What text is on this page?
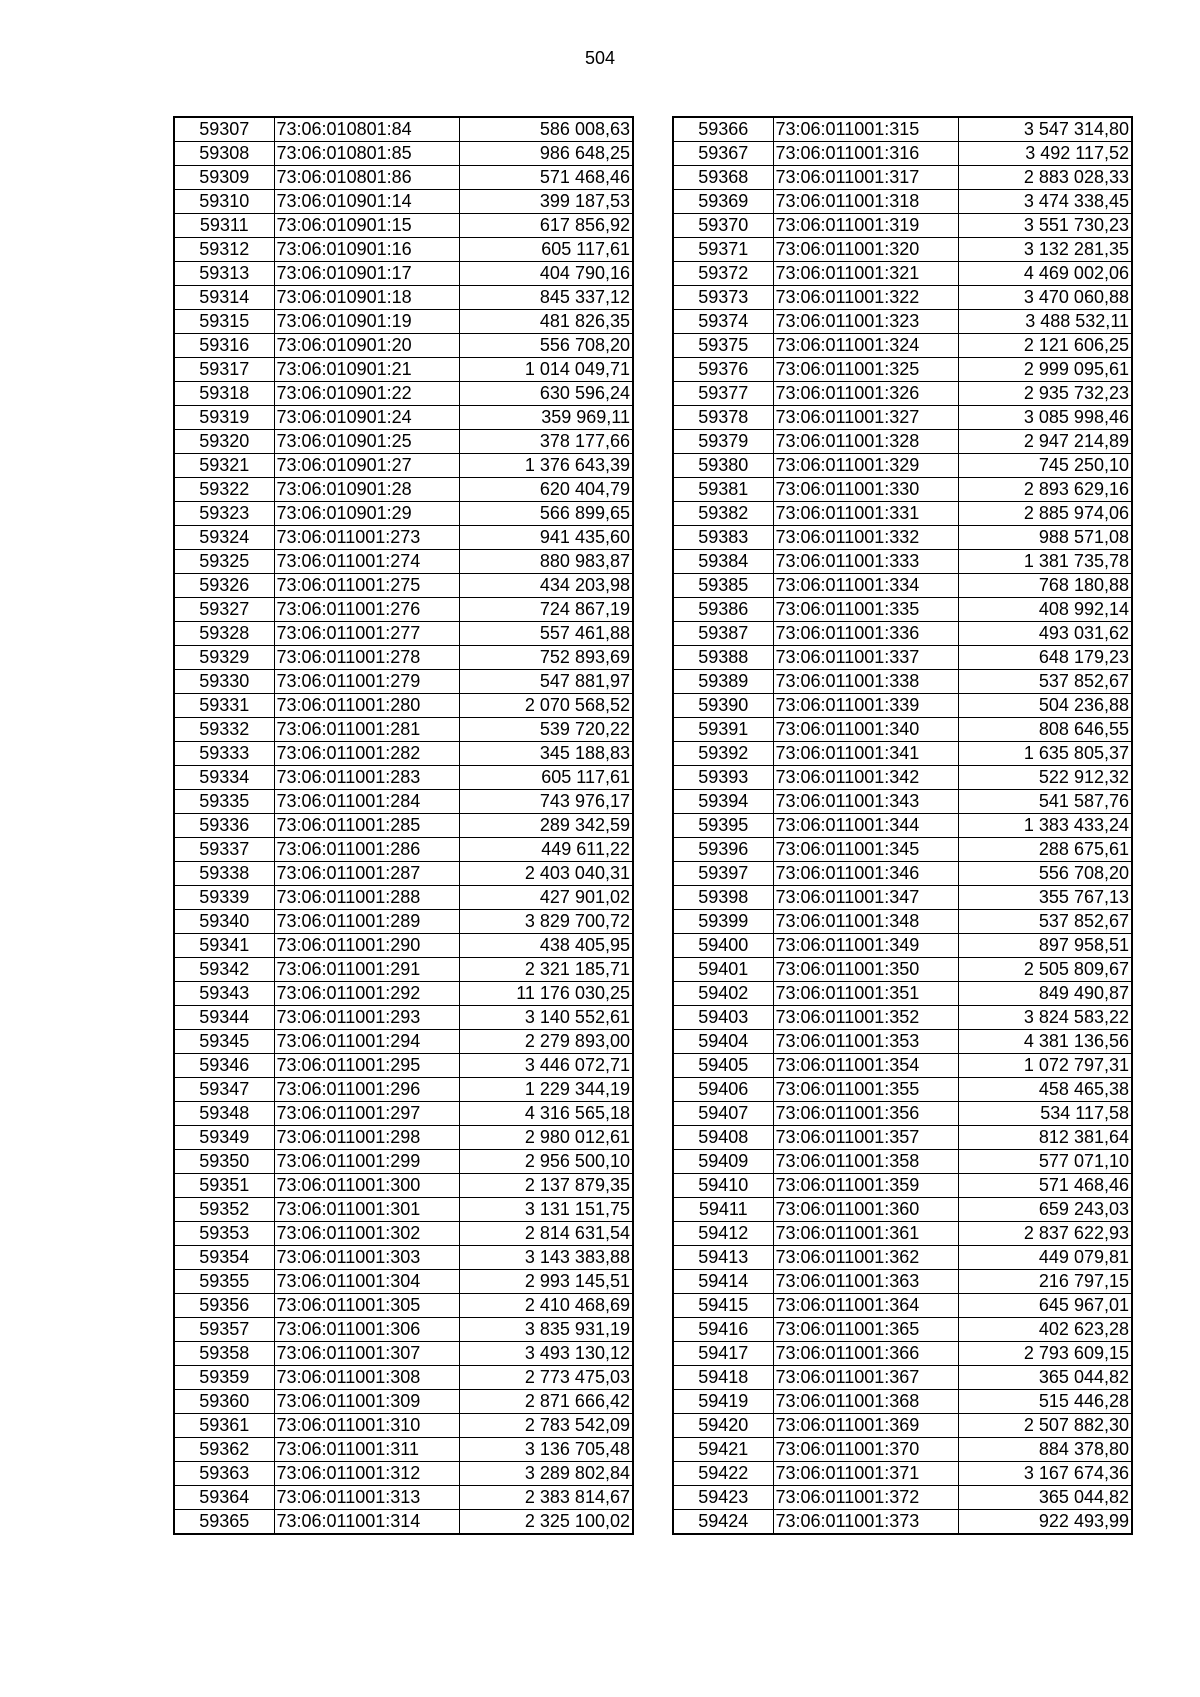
504
59307	73:06:010801:84	586 008,63
59308	73:06:010801:85	986 648,25
59309	73:06:010801:86	571 468,46
59310	73:06:010901:14	399 187,53
59311	73:06:010901:15	617 856,92
59312	73:06:010901:16	605 117,61
59313	73:06:010901:17	404 790,16
59314	73:06:010901:18	845 337,12
59315	73:06:010901:19	481 826,35
59316	73:06:010901:20	556 708,20
59317	73:06:010901:21	1 014 049,71
59318	73:06:010901:22	630 596,24
59319	73:06:010901:24	359 969,11
59320	73:06:010901:25	378 177,66
59321	73:06:010901:27	1 376 643,39
59322	73:06:010901:28	620 404,79
59323	73:06:010901:29	566 899,65
59324	73:06:011001:273	941 435,60
59325	73:06:011001:274	880 983,87
59326	73:06:011001:275	434 203,98
59327	73:06:011001:276	724 867,19
59328	73:06:011001:277	557 461,88
59329	73:06:011001:278	752 893,69
59330	73:06:011001:279	547 881,97
59331	73:06:011001:280	2 070 568,52
59332	73:06:011001:281	539 720,22
59333	73:06:011001:282	345 188,83
59334	73:06:011001:283	605 117,61
59335	73:06:011001:284	743 976,17
59336	73:06:011001:285	289 342,59
59337	73:06:011001:286	449 611,22
59338	73:06:011001:287	2 403 040,31
59339	73:06:011001:288	427 901,02
59340	73:06:011001:289	3 829 700,72
59341	73:06:011001:290	438 405,95
59342	73:06:011001:291	2 321 185,71
59343	73:06:011001:292	11 176 030,25
59344	73:06:011001:293	3 140 552,61
59345	73:06:011001:294	2 279 893,00
59346	73:06:011001:295	3 446 072,71
59347	73:06:011001:296	1 229 344,19
59348	73:06:011001:297	4 316 565,18
59349	73:06:011001:298	2 980 012,61
59350	73:06:011001:299	2 956 500,10
59351	73:06:011001:300	2 137 879,35
59352	73:06:011001:301	3 131 151,75
59353	73:06:011001:302	2 814 631,54
59354	73:06:011001:303	3 143 383,88
59355	73:06:011001:304	2 993 145,51
59356	73:06:011001:305	2 410 468,69
59357	73:06:011001:306	3 835 931,19
59358	73:06:011001:307	3 493 130,12
59359	73:06:011001:308	2 773 475,03
59360	73:06:011001:309	2 871 666,42
59361	73:06:011001:310	2 783 542,09
59362	73:06:011001:311	3 136 705,48
59363	73:06:011001:312	3 289 802,84
59364	73:06:011001:313	2 383 814,67
59365	73:06:011001:314	2 325 100,02
59366	73:06:011001:315	3 547 314,80
59367	73:06:011001:316	3 492 117,52
59368	73:06:011001:317	2 883 028,33
59369	73:06:011001:318	3 474 338,45
59370	73:06:011001:319	3 551 730,23
59371	73:06:011001:320	3 132 281,35
59372	73:06:011001:321	4 469 002,06
59373	73:06:011001:322	3 470 060,88
59374	73:06:011001:323	3 488 532,11
59375	73:06:011001:324	2 121 606,25
59376	73:06:011001:325	2 999 095,61
59377	73:06:011001:326	2 935 732,23
59378	73:06:011001:327	3 085 998,46
59379	73:06:011001:328	2 947 214,89
59380	73:06:011001:329	745 250,10
59381	73:06:011001:330	2 893 629,16
59382	73:06:011001:331	2 885 974,06
59383	73:06:011001:332	988 571,08
59384	73:06:011001:333	1 381 735,78
59385	73:06:011001:334	768 180,88
59386	73:06:011001:335	408 992,14
59387	73:06:011001:336	493 031,62
59388	73:06:011001:337	648 179,23
59389	73:06:011001:338	537 852,67
59390	73:06:011001:339	504 236,88
59391	73:06:011001:340	808 646,55
59392	73:06:011001:341	1 635 805,37
59393	73:06:011001:342	522 912,32
59394	73:06:011001:343	541 587,76
59395	73:06:011001:344	1 383 433,24
59396	73:06:011001:345	288 675,61
59397	73:06:011001:346	556 708,20
59398	73:06:011001:347	355 767,13
59399	73:06:011001:348	537 852,67
59400	73:06:011001:349	897 958,51
59401	73:06:011001:350	2 505 809,67
59402	73:06:011001:351	849 490,87
59403	73:06:011001:352	3 824 583,22
59404	73:06:011001:353	4 381 136,56
59405	73:06:011001:354	1 072 797,31
59406	73:06:011001:355	458 465,38
59407	73:06:011001:356	534 117,58
59408	73:06:011001:357	812 381,64
59409	73:06:011001:358	577 071,10
59410	73:06:011001:359	571 468,46
59411	73:06:011001:360	659 243,03
59412	73:06:011001:361	2 837 622,93
59413	73:06:011001:362	449 079,81
59414	73:06:011001:363	216 797,15
59415	73:06:011001:364	645 967,01
59416	73:06:011001:365	402 623,28
59417	73:06:011001:366	2 793 609,15
59418	73:06:011001:367	365 044,82
59419	73:06:011001:368	515 446,28
59420	73:06:011001:369	2 507 882,30
59421	73:06:011001:370	884 378,80
59422	73:06:011001:371	3 167 674,36
59423	73:06:011001:372	365 044,82
59424	73:06:011001:373	922 493,99
